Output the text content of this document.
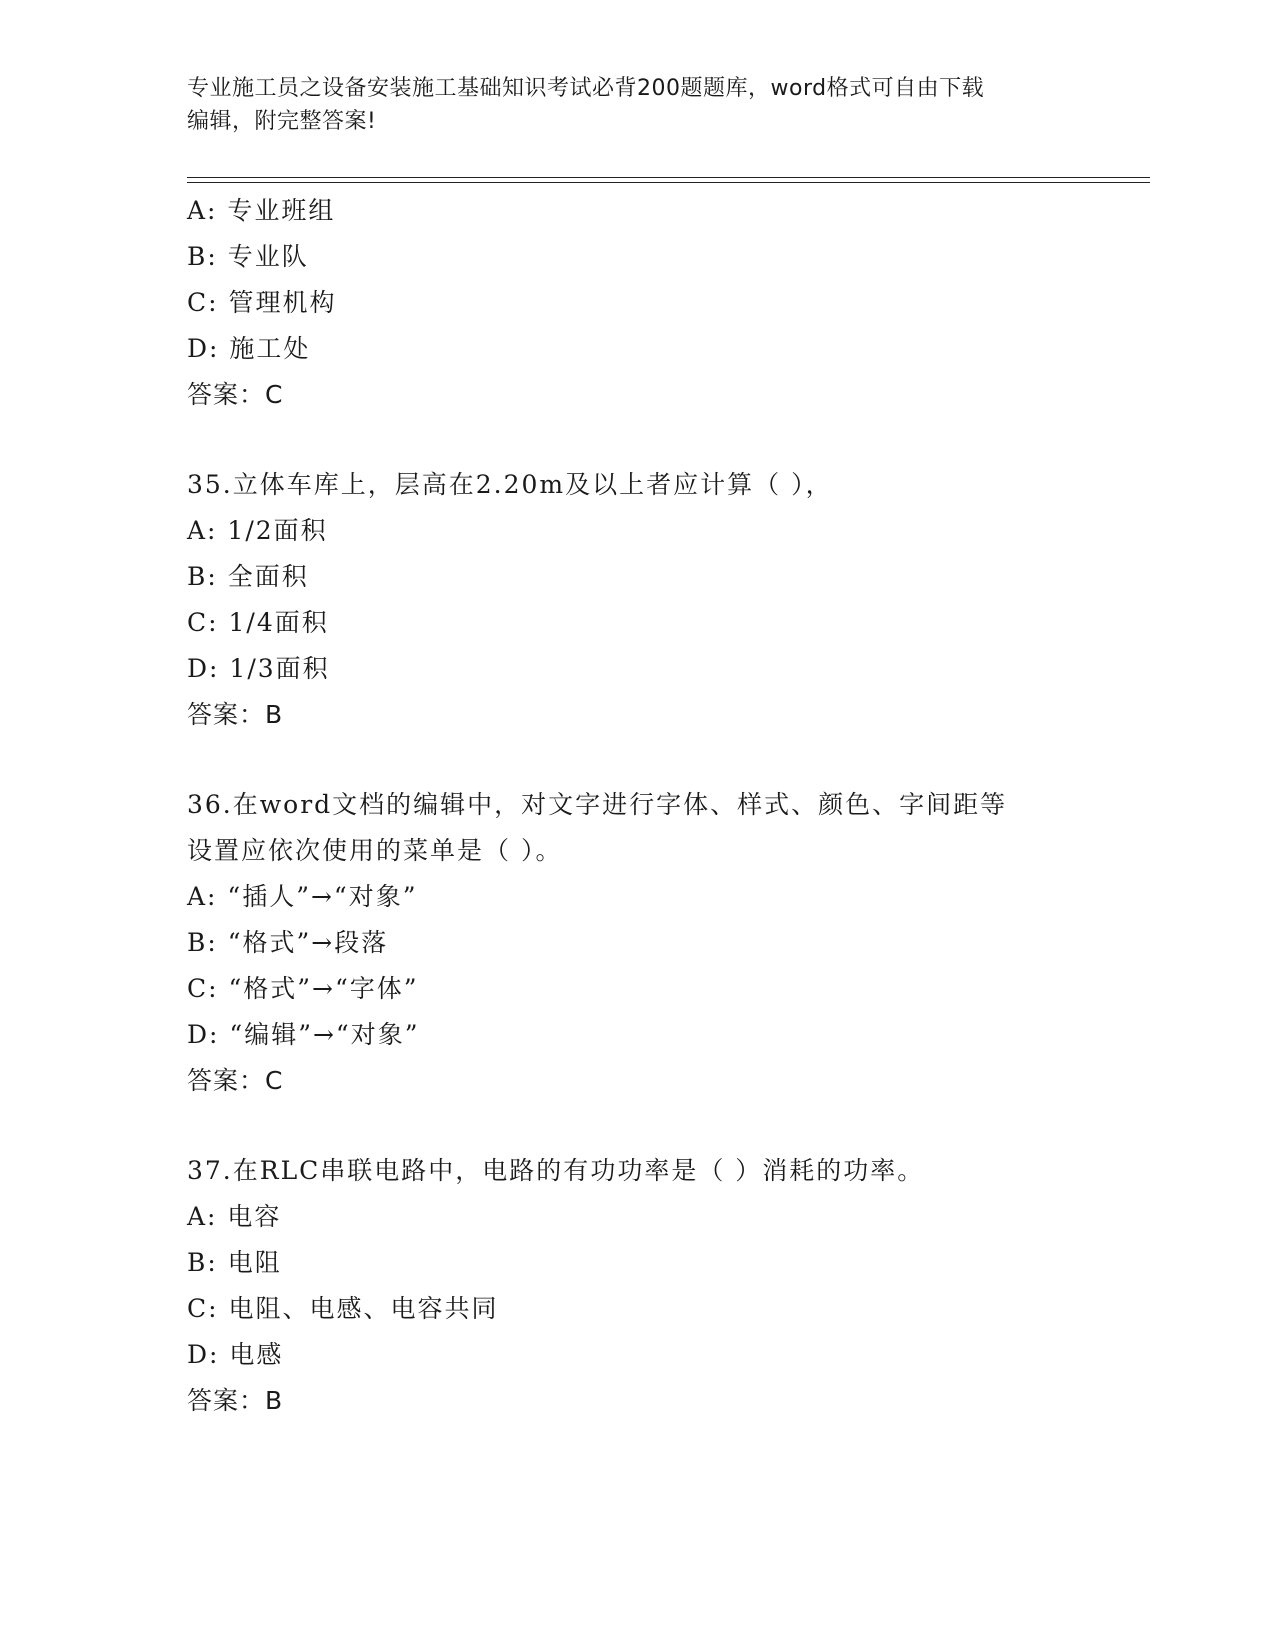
专业施工员之设备安装施工基础知识考试必背200题题库，word格式可自由下载
编辑，附完整答案!
A: 专业班组
B: 专业队
C: 管理机构
D: 施工处
答案：C
35.立体车库上，层高在2.20m及以上者应计算（ ），
A: 1/2面积
B: 全面积
C: 1/4面积
D: 1/3面积
答案：B
36.在word文档的编辑中，对文字进行字体、样式、颜色、字间距等
设置应依次使用的菜单是（ ）。
A: “插人”→“对象”
B: “格式”→段落
C: “格式”→“字体”
D: “编辑”→“对象”
答案：C
37.在RLC串联电路中，电路的有功功率是（ ）消耗的功率。
A: 电容
B: 电阻
C: 电阻、电感、电容共同
D: 电感
答案：B
